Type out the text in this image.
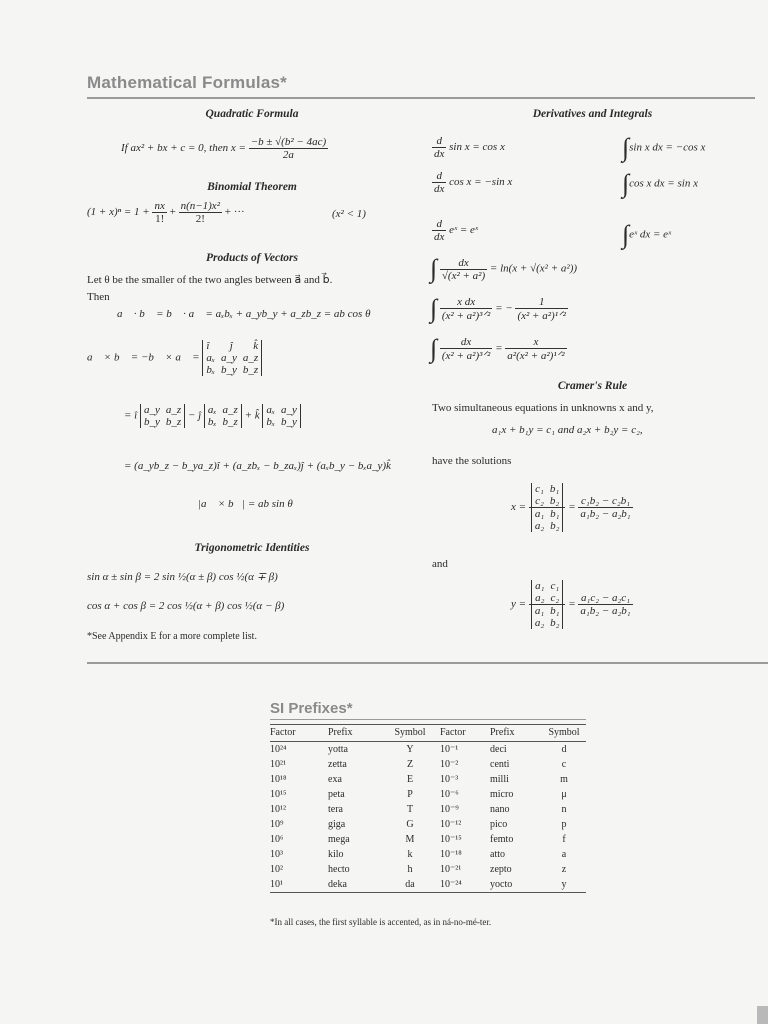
Mathematical Formulas*
Quadratic Formula
If ax² + bx + c = 0, then $x = \frac{\text{−b ± √(b² − 4ac)}}{2a}$
Binomial Theorem
$(1 + x)^n = 1 + \frac{nx}{1!} + \frac{\text{n(n−1)x²}}{2!}$ + ···	(x² < 1)
Products of Vectors
Let θ be the smaller of the two angles between a⃗ and b⃗.
Then
a⃗ · b⃗ = b⃗ · a⃗ = aₓbₓ + a_yb_y + a_zb_z = ab cos θ
a⃗ × b⃗ = −b⃗ × a⃗ =
î ĵ k̂
aₓ a_y a_z
bₓ b_y b_z
= î a_y a_z
b_y b_z
− ĵ aₓ a_z
bₓ b_z
+ k̂ aₓ a_y
bₓ b_y
= (a_yb_z − b_ya_z)î + (a_zbₓ − b_zaₓ)ĵ + (aₓb_y − bₓa_y)k̂
|a⃗ × b⃗| = ab sin θ
Trigonometric Identities
sin α ± sin β = 2 sin ½(α ± β) cos ½(α ∓ β)
cos α + cos β = 2 cos ½(α + β) cos ½(α − β)
*See Appendix E for a more complete list.
Derivatives and Integrals
$\frac{d}{dx}$ sin x = cos x
$\frac{d}{dx}$ cos x = −sin x
$\frac{d}{dx}$ eˣ = eˣ
∫sin x dx = −cos x
∫cos x dx = sin x
∫eˣ dx = eˣ
∫ $\frac{dx}{\text{√(x² + a²)}} = \ln(x + √(x^2 + a^2))$
∫ $\frac{\text{x dx}}{\text{(x² + a²)³ᐟ²}}$ = − $\frac{1}{\text{(x² + a²)¹ᐟ²}}$
∫ $\frac{dx}{\text{(x² + a²)³ᐟ²}} = \frac{x}{\text{a²(x² + a²)¹ᐟ²}}$
Cramer's Rule
Two simultaneous equations in unknowns x and y,
a₁x + b₁y = c₁ and a₂x + b₂y = c₂,
have the solutions
x = c₁ b₁
c₂ b₂
a₁ b₁
a₂ $b_2 = \frac{\text{c₁b₂ − c₂b₁}}{\text{a₁b₂ − a₂b₁}}$
and
y = a₁ c₁
a₂ c₂
a₁ b₁
a₂ $b_2 = \frac{\text{a₁c₂ − a₂c₁}}{\text{a₁b₂ − a₂b₁}}$
SI Prefixes*
Factor	Prefix	Symbol	Factor	Prefix	Symbol
10²⁴	yotta	Y	10⁻¹	deci	d
10²¹	zetta	Z	10⁻²	centi	c
10¹⁸	exa	E	10⁻³	milli	m
10¹⁵	peta	P	10⁻⁶	micro	μ
10¹²	tera	T	10⁻⁹	nano	n
10⁹	giga	G	10⁻¹²	pico	p
10⁶	mega	M	10⁻¹⁵	femto	f
10³	kilo	k	10⁻¹⁸	atto	a
10²	hecto	h	10⁻²¹	zepto	z
10¹	deka	da	10⁻²⁴	yocto	y
*In all cases, the first syllable is accented, as in ná-no-mé-ter.
